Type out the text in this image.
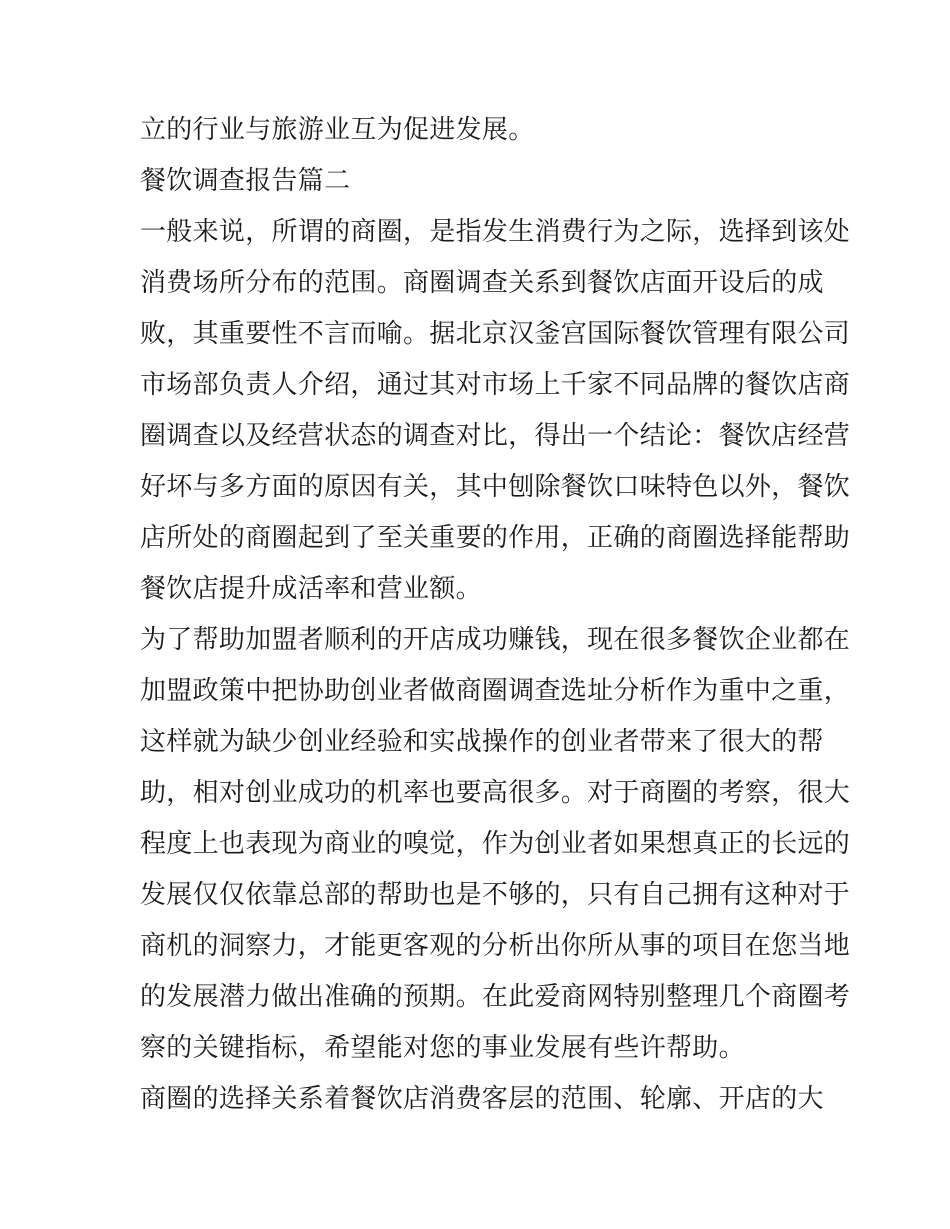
立的行业与旅游业互为促进发展。
餐饮调查报告篇二
一般来说，所谓的商圈，是指发生消费行为之际，选择到该处
消费场所分布的范围。商圈调查关系到餐饮店面开设后的成
败，其重要性不言而喻。据北京汉釜宫国际餐饮管理有限公司
市场部负责人介绍，通过其对市场上千家不同品牌的餐饮店商
圈调查以及经营状态的调查对比，得出一个结论：餐饮店经营
好坏与多方面的原因有关，其中刨除餐饮口味特色以外，餐饮
店所处的商圈起到了至关重要的作用，正确的商圈选择能帮助
餐饮店提升成活率和营业额。
为了帮助加盟者顺利的开店成功赚钱，现在很多餐饮企业都在
加盟政策中把协助创业者做商圈调查选址分析作为重中之重，
这样就为缺少创业经验和实战操作的创业者带来了很大的帮
助，相对创业成功的机率也要高很多。对于商圈的考察，很大
程度上也表现为商业的嗅觉，作为创业者如果想真正的长远的
发展仅仅依靠总部的帮助也是不够的，只有自己拥有这种对于
商机的洞察力，才能更客观的分析出你所从事的项目在您当地
的发展潜力做出准确的预期。在此爱商网特别整理几个商圈考
察的关键指标，希望能对您的事业发展有些许帮助。
商圈的选择关系着餐饮店消费客层的范围、轮廓、开店的大
